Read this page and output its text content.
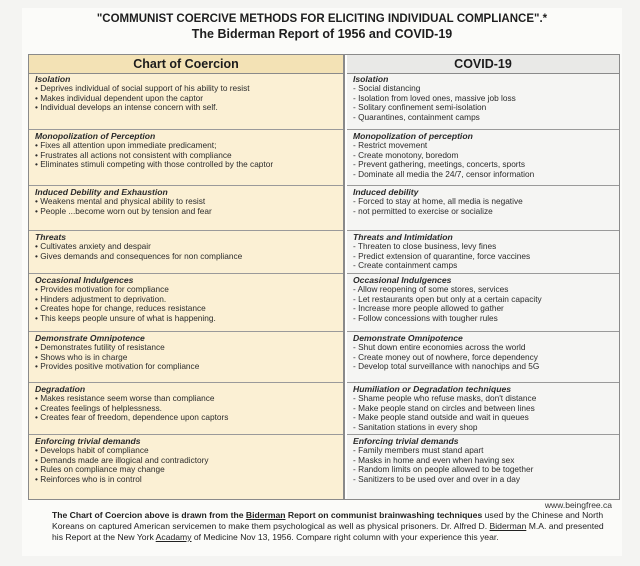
"COMMUNIST COERCIVE METHODS FOR ELICITING INDIVIDUAL COMPLIANCE".*
The Biderman Report of 1956 and COVID-19
Chart of Coercion
Isolation
• Deprives individual of social support of his ability to resist
• Makes individual dependent upon the captor
• Individual develops an intense concern with self.
Monopolization of Perception
• Fixes all attention upon immediate predicament;
• Frustrates all actions not consistent with compliance
• Eliminates stimuli competing with those controlled by the captor
Induced Debility and Exhaustion
• Weakens mental and physical ability to resist
• People ...become worn out by tension and fear
Threats
• Cultivates anxiety and despair
• Gives demands and consequences for non compliance
Occasional Indulgences
• Provides motivation for compliance
• Hinders adjustment to deprivation.
• Creates hope for change, reduces resistance
• This keeps people unsure of what is happening.
Demonstrate Omnipotence
• Demonstrates futility of resistance
• Shows who is in charge
• Provides positive motivation for compliance
Degradation
• Makes resistance seem worse than compliance
• Creates feelings of helplessness.
• Creates fear of freedom, dependence upon captors
Enforcing trivial demands
• Develops habit of compliance
• Demands made are illogical and contradictory
• Rules on compliance may change
• Reinforces who is in control
COVID-19
Isolation
- Social distancing
- Isolation from loved ones, massive job loss
- Solitary confinement semi-isolation
- Quarantines, containment camps
Monopolization of perception
- Restrict movement
- Create monotony, boredom
- Prevent gathering, meetings, concerts, sports
- Dominate all media the 24/7, censor information
Induced debility
- Forced to stay at home, all media is negative
- not permitted to exercise or socialize
Threats and Intimidation
- Threaten to close business, levy fines
- Predict extension of quarantine, force vaccines
- Create containment camps
Occasional Indulgences
- Allow reopening of some stores, services
- Let restaurants open but only at a certain capacity
- Increase more people allowed to gather
- Follow concessions with tougher rules
Demonstrate Omnipotence
- Shut down entire economies across the world
- Create money out of nowhere, force dependency
- Develop total surveillance with nanochips and 5G
Humiliation or Degradation techniques
- Shame people who refuse masks, don't distance
- Make people stand on circles and between lines
- Make people stand outside and wait in queues
- Sanitation stations in every shop
Enforcing trivial demands
- Family members must stand apart
- Masks in home and even when having sex
- Random limits on people allowed to be together
- Sanitizers to be used over and over in a day
www.beingfree.ca
The Chart of Coercion above is drawn from the Biderman Report on communist brainwashing techniques used by the Chinese and North Koreans on captured American servicemen to make them psychological as well as physical prisoners. Dr. Alfred D. Biderman M.A. and presented his Report at the New York Acadamy of Medicine Nov 13, 1956. Compare right column with your experience this year.
